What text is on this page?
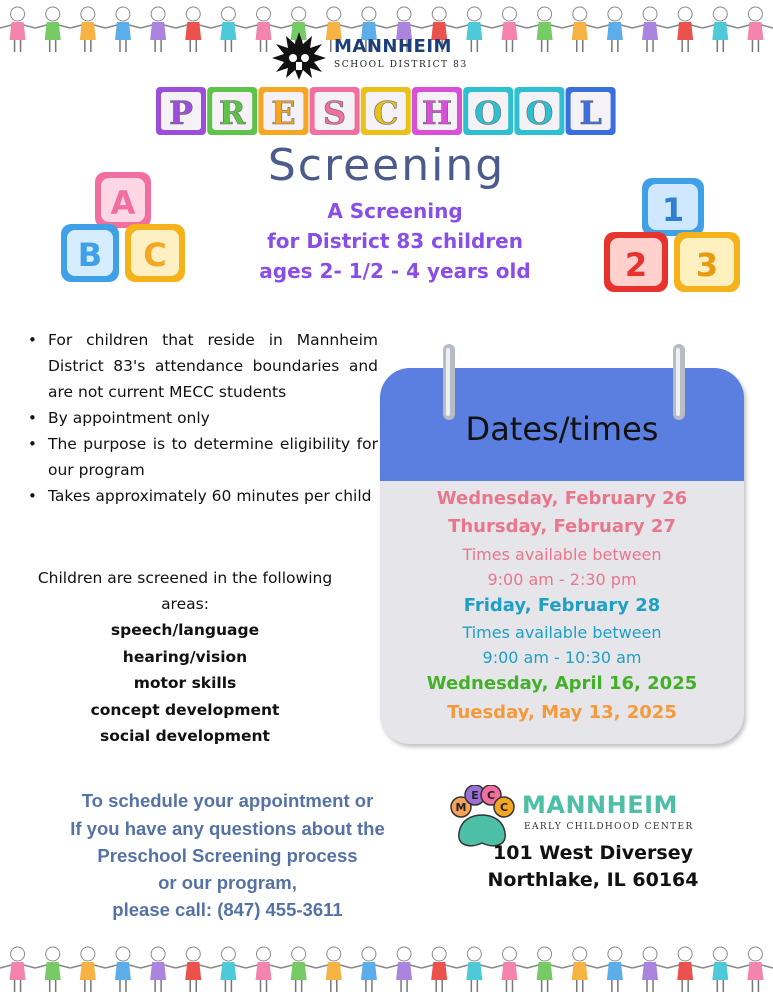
MANNHEIM
SCHOOL DISTRICT 83
P R E S C H O O L
Screening
A Screening
for District 83 children
ages 2- 1/2 - 4 years old
A
B C
1
2 3
• For children that reside in Mannheim District 83's attendance boundaries and are not current MECC students
• By appointment only
• The purpose is to determine eligibility for our program
• Takes approximately 60 minutes per child
Children are screened in the following areas:
speech/language
hearing/vision
motor skills
concept development
social development
Dates/times
Wednesday, February 26
Thursday, February 27
Times available between
9:00 am - 2:30 pm
Friday, February 28
Times available between
9:00 am - 10:30 am
Wednesday, April 16, 2025
Tuesday, May 13, 2025
To schedule your appointment or
If you have any questions about the
Preschool Screening process
or our program,
please call: (847) 455-3611
M
E C
C MANNHEIM
EARLY CHILDHOOD CENTER
101 West Diversey
Northlake, IL 60164
